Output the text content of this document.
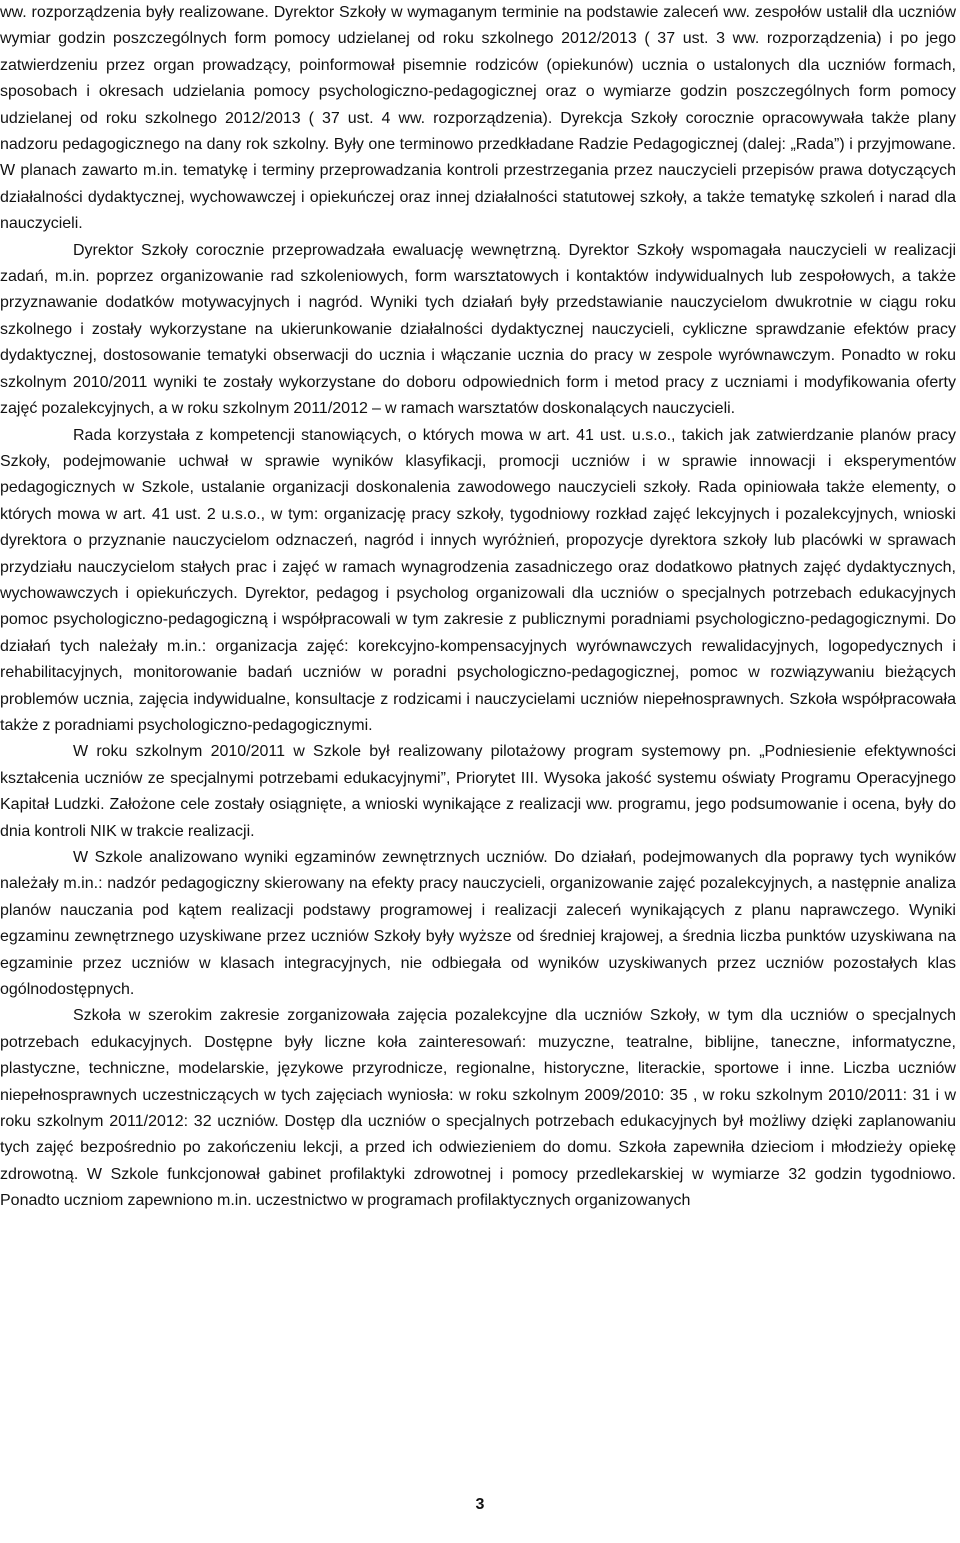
ww. rozporządzenia były realizowane. Dyrektor Szkoły w wymaganym terminie na podstawie zaleceń ww. zespołów ustalił dla uczniów wymiar godzin poszczególnych form pomocy udzielanej od roku szkolnego 2012/2013 ( 37 ust. 3 ww. rozporządzenia) i po jego zatwierdzeniu przez organ prowadzący, poinformował pisemnie rodziców (opiekunów) ucznia o ustalonych dla uczniów formach, sposobach i okresach udzielania pomocy psychologiczno-pedagogicznej oraz o wymiarze godzin poszczególnych form pomocy udzielanej od roku szkolnego 2012/2013 ( 37 ust. 4 ww. rozporządzenia). Dyrekcja Szkoły corocznie opracowywała także plany nadzoru pedagogicznego na dany rok szkolny. Były one terminowo przedkładane Radzie Pedagogicznej (dalej: „Rada”) i przyjmowane. W planach zawarto m.in. tematykę i terminy przeprowadzania kontroli przestrzegania przez nauczycieli przepisów prawa dotyczących działalności dydaktycznej, wychowawczej i opiekuńczej oraz innej działalności statutowej szkoły, a także tematykę szkoleń i narad dla nauczycieli.

Dyrektor Szkoły corocznie przeprowadzała ewaluację wewnętrzną. Dyrektor Szkoły wspomagała nauczycieli w realizacji zadań, m.in. poprzez organizowanie rad szkoleniowych, form warsztatowych i kontaktów indywidualnych lub zespołowych, a także przyznawanie dodatków motywacyjnych i nagród. Wyniki tych działań były przedstawianie nauczycielom dwukrotnie w ciągu roku szkolnego i zostały wykorzystane na ukierunkowanie działalności dydaktycznej nauczycieli, cykliczne sprawdzanie efektów pracy dydaktycznej, dostosowanie tematyki obserwacji do ucznia i włączanie ucznia do pracy w zespole wyrównawczym. Ponadto w roku szkolnym 2010/2011 wyniki te zostały wykorzystane do doboru odpowiednich form i metod pracy z uczniami i modyfikowania oferty zajęć pozalekcyjnych, a w roku szkolnym 2011/2012 – w ramach warsztatów doskonalących nauczycieli.

Rada korzystała z kompetencji stanowiących, o których mowa w art. 41 ust. u.s.o., takich jak zatwierdzanie planów pracy Szkoły, podejmowanie uchwał w sprawie wyników klasyfikacji, promocji uczniów i w sprawie innowacji i eksperymentów pedagogicznych w Szkole, ustalanie organizacji doskonalenia zawodowego nauczycieli szkoły. Rada opiniowała także elementy, o których mowa w art. 41 ust. 2 u.s.o., w tym: organizację pracy szkoły, tygodniowy rozkład zajęć lekcyjnych i pozalekcyjnych, wnioski dyrektora o przyznanie nauczycielom odznaczeń, nagród i innych wyróżnień, propozycje dyrektora szkoły lub placówki w sprawach przydziału nauczycielom stałych prac i zajęć w ramach wynagrodzenia zasadniczego oraz dodatkowo płatnych zajęć dydaktycznych, wychowawczych i opiekuńczych. Dyrektor, pedagog i psycholog organizowali dla uczniów o specjalnych potrzebach edukacyjnych pomoc psychologiczno-pedagogiczną i współpracowali w tym zakresie z publicznymi poradniami psychologiczno-pedagogicznymi. Do działań tych należały m.in.: organizacja zajęć: korekcyjno-kompensacyjnych wyrównawczych rewalidacyjnych, logopedycznych i rehabilitacyjnych, monitorowanie badań uczniów w poradni psychologiczno-pedagogicznej, pomoc w rozwiązywaniu bieżących problemów ucznia, zajęcia indywidualne, konsultacje z rodzicami i nauczycielami uczniów niepełnosprawnych. Szkoła współpracowała także z poradniami psychologiczno-pedagogicznymi.

W roku szkolnym 2010/2011 w Szkole był realizowany pilotażowy program systemowy pn. „Podniesienie efektywności kształcenia uczniów ze specjalnymi potrzebami edukacyjnymi”, Priorytet III. Wysoka jakość systemu oświaty Programu Operacyjnego Kapitał Ludzki. Założone cele zostały osiągnięte, a wnioski wynikające z realizacji ww. programu, jego podsumowanie i ocena, były do dnia kontroli NIK w trakcie realizacji.

W Szkole analizowano wyniki egzaminów zewnętrznych uczniów. Do działań, podejmowanych dla poprawy tych wyników należały m.in.: nadzór pedagogiczny skierowany na efekty pracy nauczycieli, organizowanie zajęć pozalekcyjnych, a następnie analiza planów nauczania pod kątem realizacji podstawy programowej i realizacji zaleceń wynikających z planu naprawczego. Wyniki egzaminu zewnętrznego uzyskiwane przez uczniów Szkoły były wyższe od średniej krajowej, a średnia liczba punktów uzyskiwana na egzaminie przez uczniów w klasach integracyjnych, nie odbiegała od wyników uzyskiwanych przez uczniów pozostałych klas ogólnodostępnych.

Szkoła w szerokim zakresie zorganizowała zajęcia pozalekcyjne dla uczniów Szkoły, w tym dla uczniów o specjalnych potrzebach edukacyjnych. Dostępne były liczne koła zainteresowań: muzyczne, teatralne, biblijne, taneczne, informatyczne, plastyczne, techniczne, modelarskie, językowe przyrodnicze, regionalne, historyczne, literackie, sportowe i inne. Liczba uczniów niepełnosprawnych uczestniczących w tych zajęciach wyniosła: w roku szkolnym 2009/2010: 35 , w roku szkolnym 2010/2011: 31 i w roku szkolnym 2011/2012: 32 uczniów. Dostęp dla uczniów o specjalnych potrzebach edukacyjnych był możliwy dzięki zaplanowaniu tych zajęć bezpośrednio po zakończeniu lekcji, a przed ich odwiezieniem do domu. Szkoła zapewniła dzieciom i młodzieży opiekę zdrowotną. W Szkole funkcjonował gabinet profilaktyki zdrowotnej i pomocy przedlekarskiej w wymiarze 32 godzin tygodniowo. Ponadto uczniom zapewniono m.in. uczestnictwo w programach profilaktycznych organizowanych

3
